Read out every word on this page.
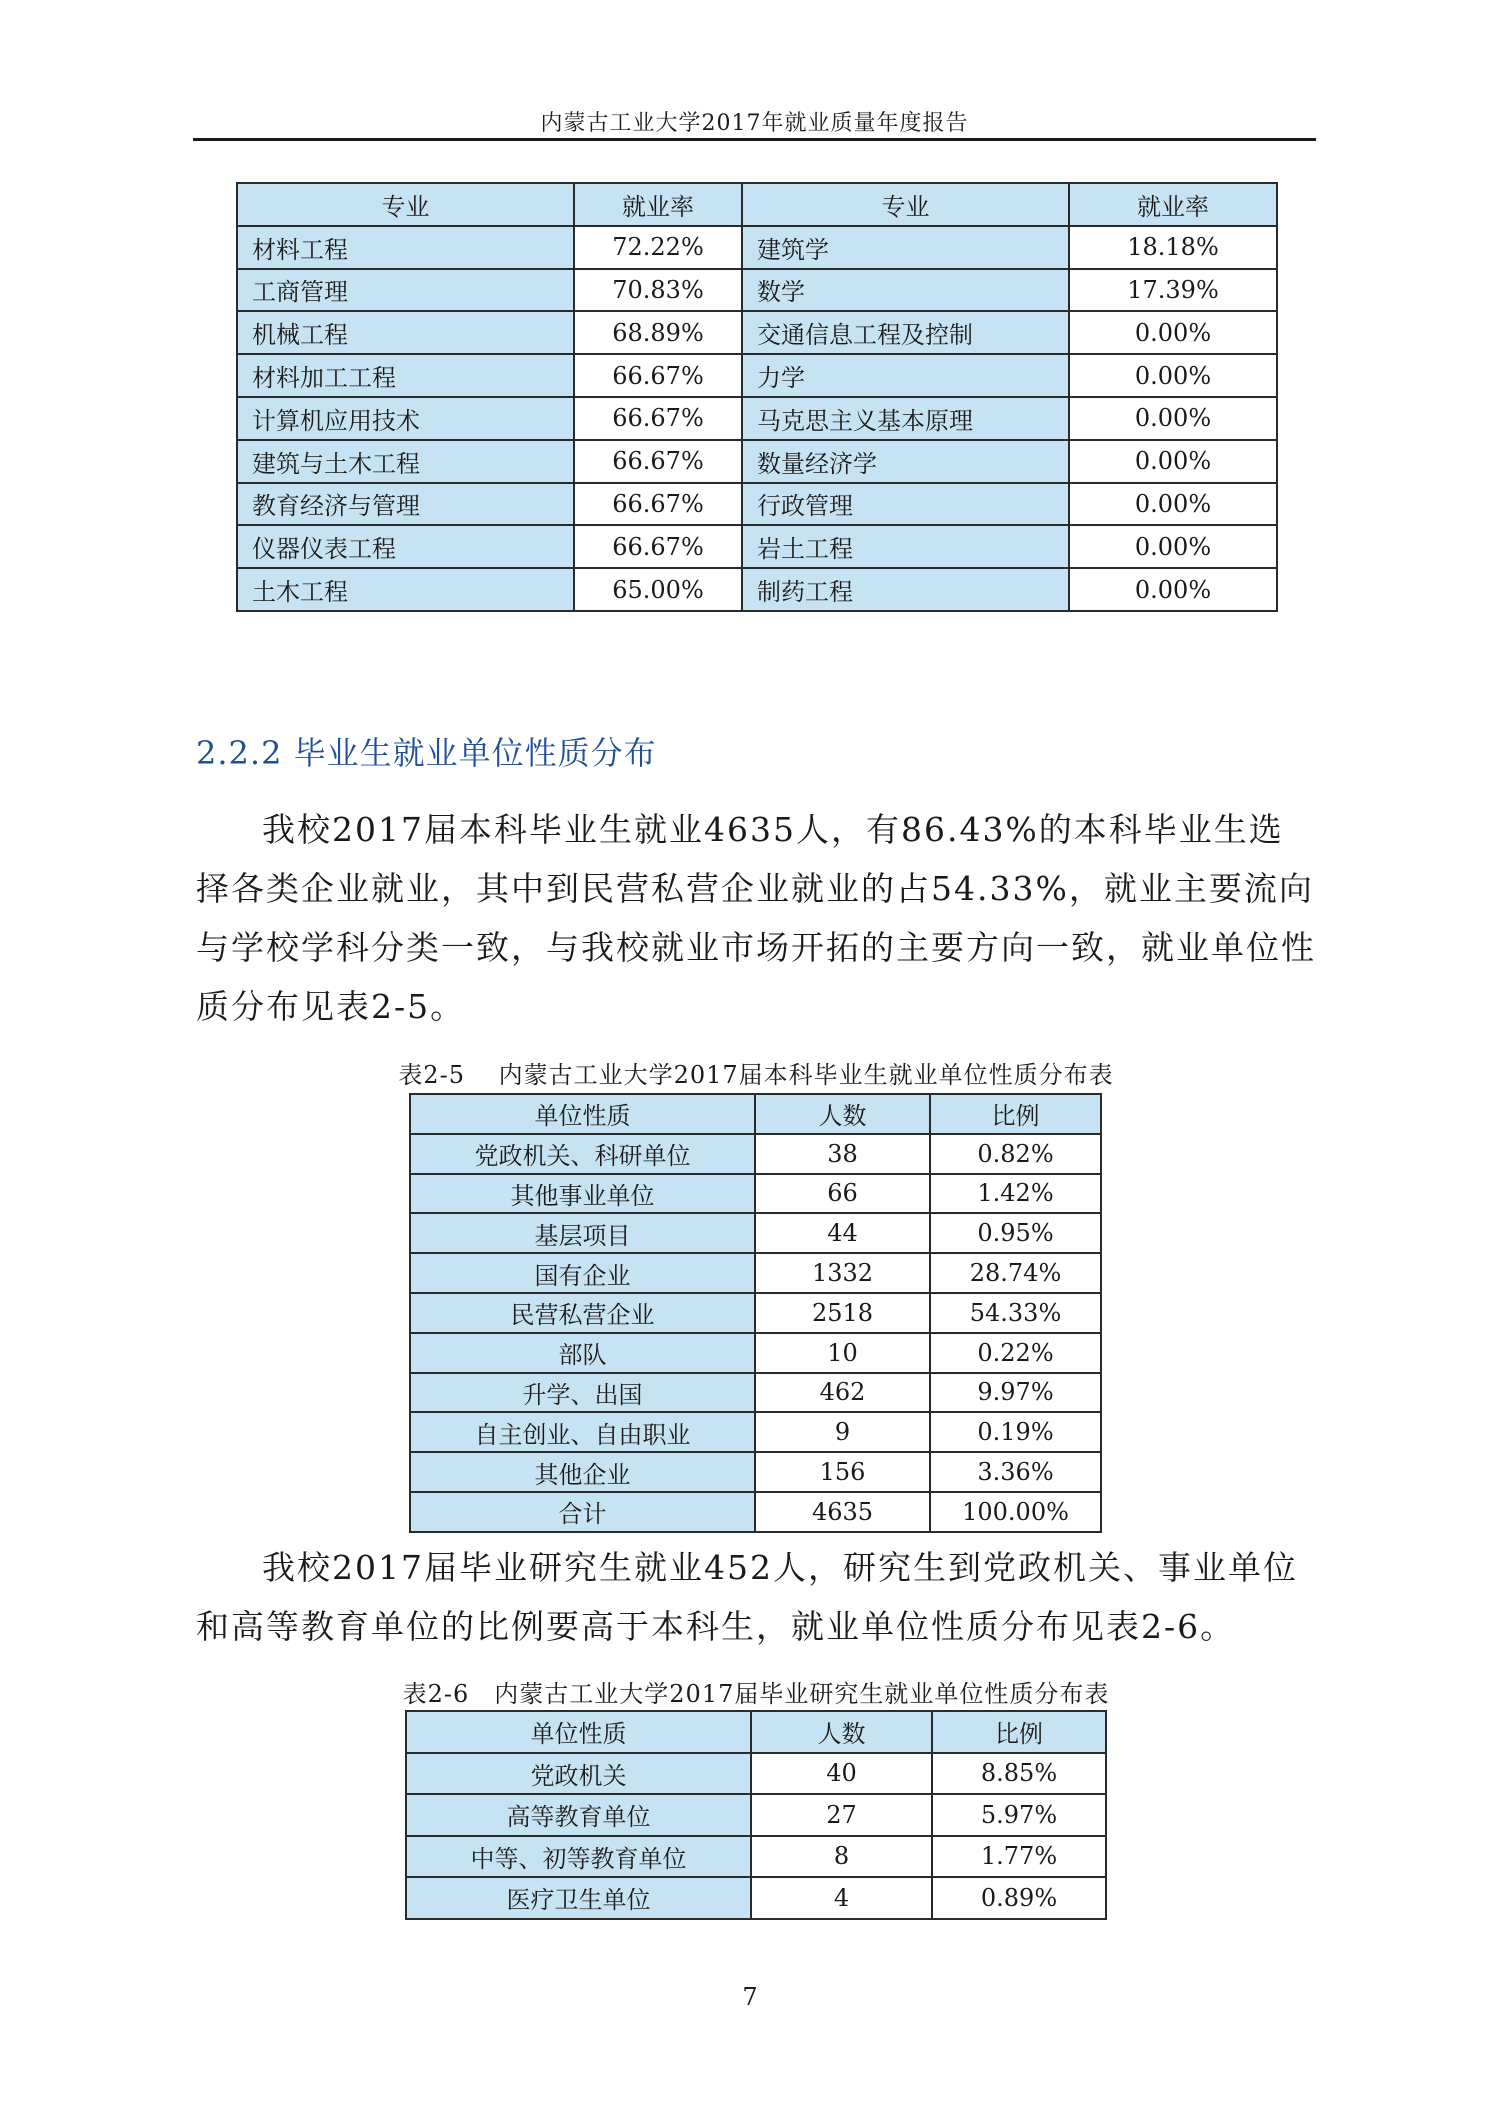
内蒙古工业大学2017年就业质量年度报告
专业	就业率	专业	就业率
材料工程	72.22%	建筑学	18.18%
工商管理	70.83%	数学	17.39%
机械工程	68.89%	交通信息工程及控制	0.00%
材料加工工程	66.67%	力学	0.00%
计算机应用技术	66.67%	马克思主义基本原理	0.00%
建筑与土木工程	66.67%	数量经济学	0.00%
教育经济与管理	66.67%	行政管理	0.00%
仪器仪表工程	66.67%	岩土工程	0.00%
土木工程	65.00%	制药工程	0.00%
2.2.2 毕业生就业单位性质分布

我校2017届本科毕业生就业4635人，有86.43%的本科毕业生选择各类企业就业，其中到民营私营企业就业的占54.33%，就业主要流向与学校学科分类一致，与我校就业市场开拓的主要方向一致，就业单位性质分布见表2-5。

表2-5　 内蒙古工业大学2017届本科毕业生就业单位性质分布表
单位性质	人数	比例
党政机关、科研单位	38	0.82%
其他事业单位	66	1.42%
基层项目	44	0.95%
国有企业	1332	28.74%
民营私营企业	2518	54.33%
部队	10	0.22%
升学、出国	462	9.97%
自主创业、自由职业	9	0.19%
其他企业	156	3.36%
合计	4635	100.00%

我校2017届毕业研究生就业452人，研究生到党政机关、事业单位和高等教育单位的比例要高于本科生，就业单位性质分布见表2-6。

表2-6　内蒙古工业大学2017届毕业研究生就业单位性质分布表
单位性质	人数	比例
党政机关	40	8.85%
高等教育单位	27	5.97%
中等、初等教育单位	8	1.77%
医疗卫生单位	4	0.89%
7
